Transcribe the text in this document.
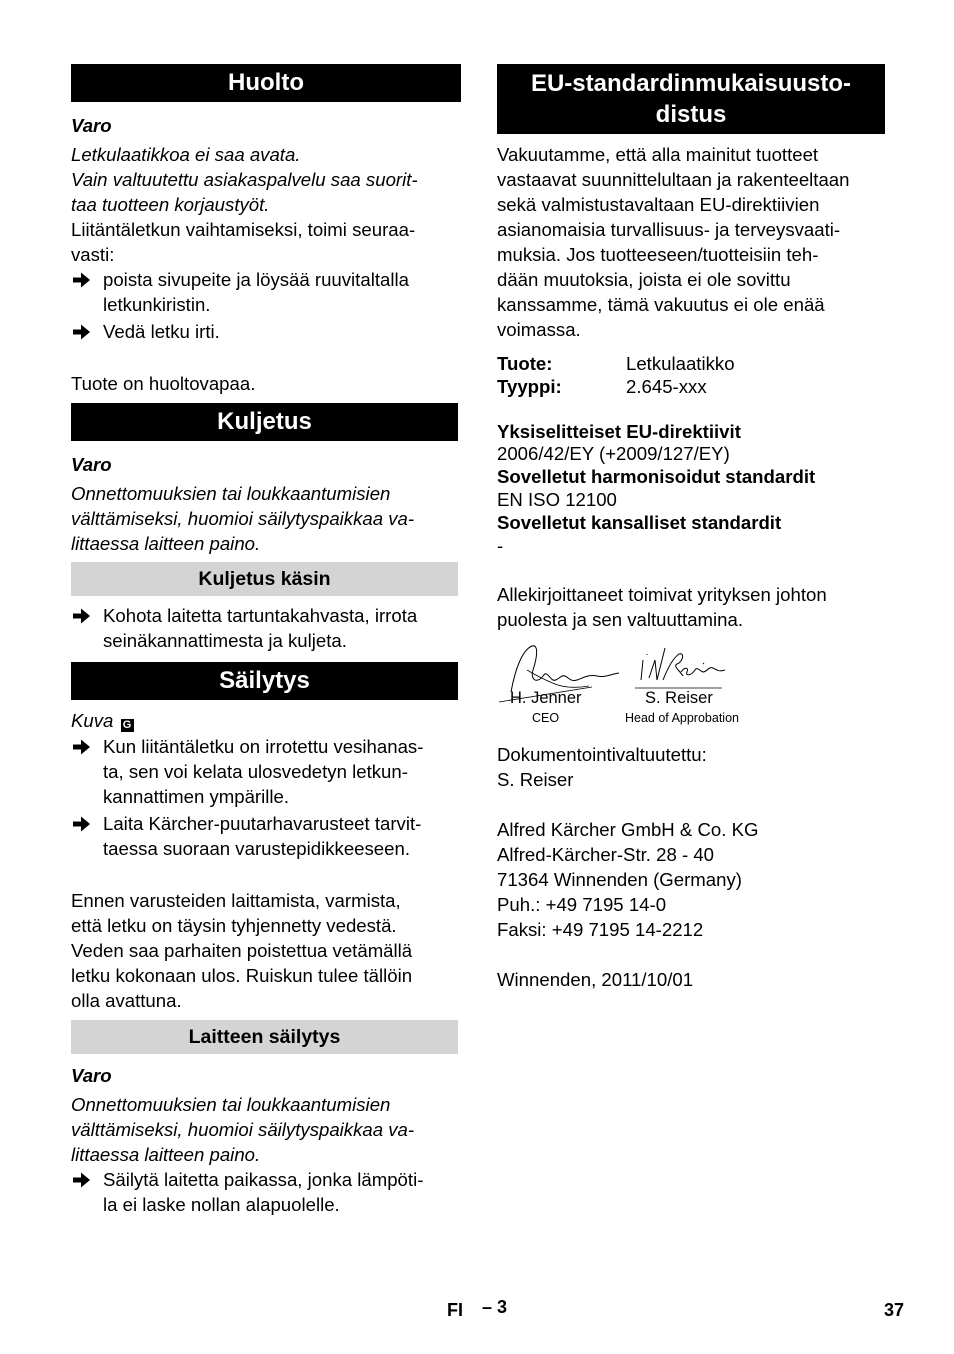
Huolto
Varo
Letkulaatikkoa ei saa avata.
Vain valtuutettu asiakaspalvelu saa suorit-
taa tuotteen korjaustyöt.
Liitäntäletkun vaihtamiseksi, toimi seuraa-
vasti:
poista sivupeite ja löysää ruuvitaltalla
letkunkiristin.
Vedä letku irti.
Tuote on huoltovapaa.
Kuljetus
Varo
Onnettomuuksien tai loukkaantumisien
välttämiseksi, huomioi säilytyspaikkaa va-
littaessa laitteen paino.
Kuljetus käsin
Kohota laitetta tartuntakahvasta, irrota
seinäkannattimesta ja kuljeta.
Säilytys
Kuva G
Kun liitäntäletku on irrotettu vesihanas-
ta, sen voi kelata ulosvedetyn letkun-
kannattimen ympärille.
Laita Kärcher-puutarhavarusteet tarvit-
taessa suoraan varustepidikkeeseen.
Ennen varusteiden laittamista, varmista,
että letku on täysin tyhjennetty vedestä.
Veden saa parhaiten poistettua vetämällä
letku kokonaan ulos. Ruiskun tulee tällöin
olla avattuna.
Laitteen säilytys
Varo
Onnettomuuksien tai loukkaantumisien
välttämiseksi, huomioi säilytyspaikkaa va-
littaessa laitteen paino.
Säilytä laitetta paikassa, jonka lämpöti-
la ei laske nollan alapuolelle.
EU-standardinmukaisuusto-
distus
Vakuutamme, että alla mainitut tuotteet
vastaavat suunnittelultaan ja rakenteeltaan
sekä valmistustavaltaan EU-direktiivien
asianomaisia turvallisuus- ja terveysvaati-
muksia. Jos tuotteeseen/tuotteisiin teh-
dään muutoksia, joista ei ole sovittu
kanssamme, tämä vakuutus ei ole enää
voimassa.
Tuote:	Letkulaatikko
Tyyppi:	2.645-xxx
Yksiselitteiset EU-direktiivit
2006/42/EY (+2009/127/EY)
Sovelletut harmonisoidut standardit
EN ISO 12100
Sovelletut kansalliset standardit
-
Allekirjoittaneet toimivat yrityksen johton
puolesta ja sen valtuuttamina.
H. Jenner
CEO
S. Reiser
Head of Approbation
Dokumentointivaltuutettu:
S. Reiser
Alfred Kärcher GmbH & Co. KG
Alfred-Kärcher-Str. 28 - 40
71364 Winnenden (Germany)
Puh.: +49 7195 14-0
Faksi: +49 7195 14-2212
Winnenden, 2011/10/01
FI – 3	37
